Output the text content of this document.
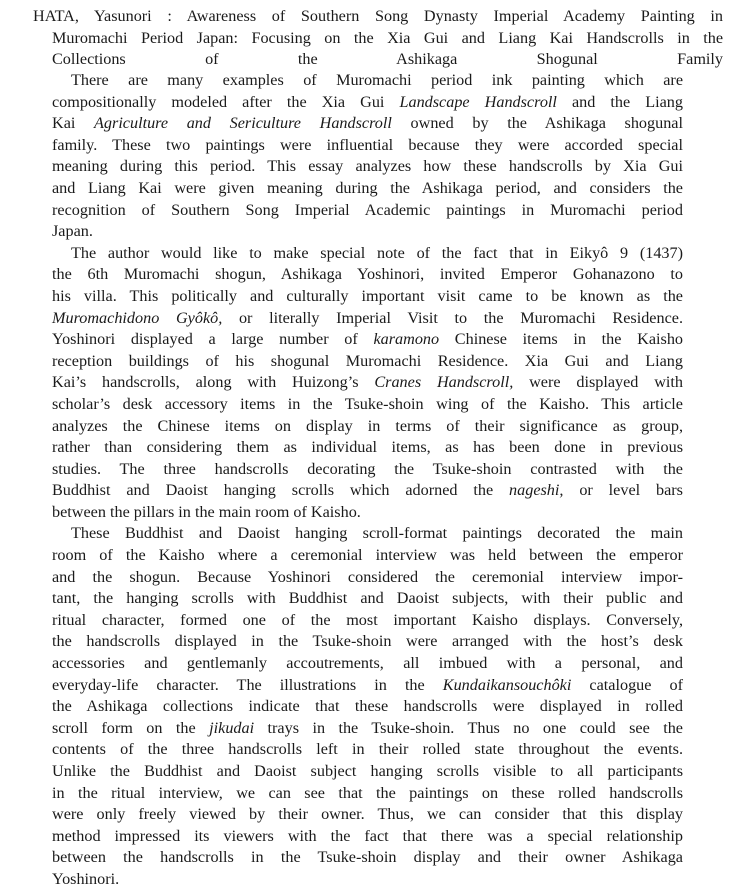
HATA, Yasunori : Awareness of Southern Song Dynasty Imperial Academy Painting in
Muromachi Period Japan: Focusing on the Xia Gui and Liang Kai Handscrolls in the
Collections of the Ashikaga Shogunal Family
There are many examples of Muromachi period ink painting which are
compositionally modeled after the Xia Gui Landscape Handscroll and the Liang
Kai Agriculture and Sericulture Handscroll owned by the Ashikaga shogunal
family. These two paintings were influential because they were accorded special
meaning during this period. This essay analyzes how these handscrolls by Xia Gui
and Liang Kai were given meaning during the Ashikaga period, and considers the
recognition of Southern Song Imperial Academic paintings in Muromachi period
Japan.
The author would like to make special note of the fact that in Eikyô 9 (1437)
the 6th Muromachi shogun, Ashikaga Yoshinori, invited Emperor Gohanazono to
his villa. This politically and culturally important visit came to be known as the
Muromachidono Gyôkô, or literally Imperial Visit to the Muromachi Residence.
Yoshinori displayed a large number of karamono Chinese items in the Kaisho
reception buildings of his shogunal Muromachi Residence. Xia Gui and Liang
Kai’s handscrolls, along with Huizong’s Cranes Handscroll, were displayed with
scholar’s desk accessory items in the Tsuke-shoin wing of the Kaisho. This article
analyzes the Chinese items on display in terms of their significance as group,
rather than considering them as individual items, as has been done in previous
studies. The three handscrolls decorating the Tsuke-shoin contrasted with the
Buddhist and Daoist hanging scrolls which adorned the nageshi, or level bars
between the pillars in the main room of Kaisho.
These Buddhist and Daoist hanging scroll-format paintings decorated the main
room of the Kaisho where a ceremonial interview was held between the emperor
and the shogun. Because Yoshinori considered the ceremonial interview impor-
tant, the hanging scrolls with Buddhist and Daoist subjects, with their public and
ritual character, formed one of the most important Kaisho displays. Conversely,
the handscrolls displayed in the Tsuke-shoin were arranged with the host’s desk
accessories and gentlemanly accoutrements, all imbued with a personal, and
everyday-life character. The illustrations in the Kundaikansouchôki catalogue of
the Ashikaga collections indicate that these handscrolls were displayed in rolled
scroll form on the jikudai trays in the Tsuke-shoin. Thus no one could see the
contents of the three handscrolls left in their rolled state throughout the events.
Unlike the Buddhist and Daoist subject hanging scrolls visible to all participants
in the ritual interview, we can see that the paintings on these rolled handscrolls
were only freely viewed by their owner. Thus, we can consider that this display
method impressed its viewers with the fact that there was a special relationship
between the handscrolls in the Tsuke-shoin display and their owner Ashikaga
Yoshinori.
